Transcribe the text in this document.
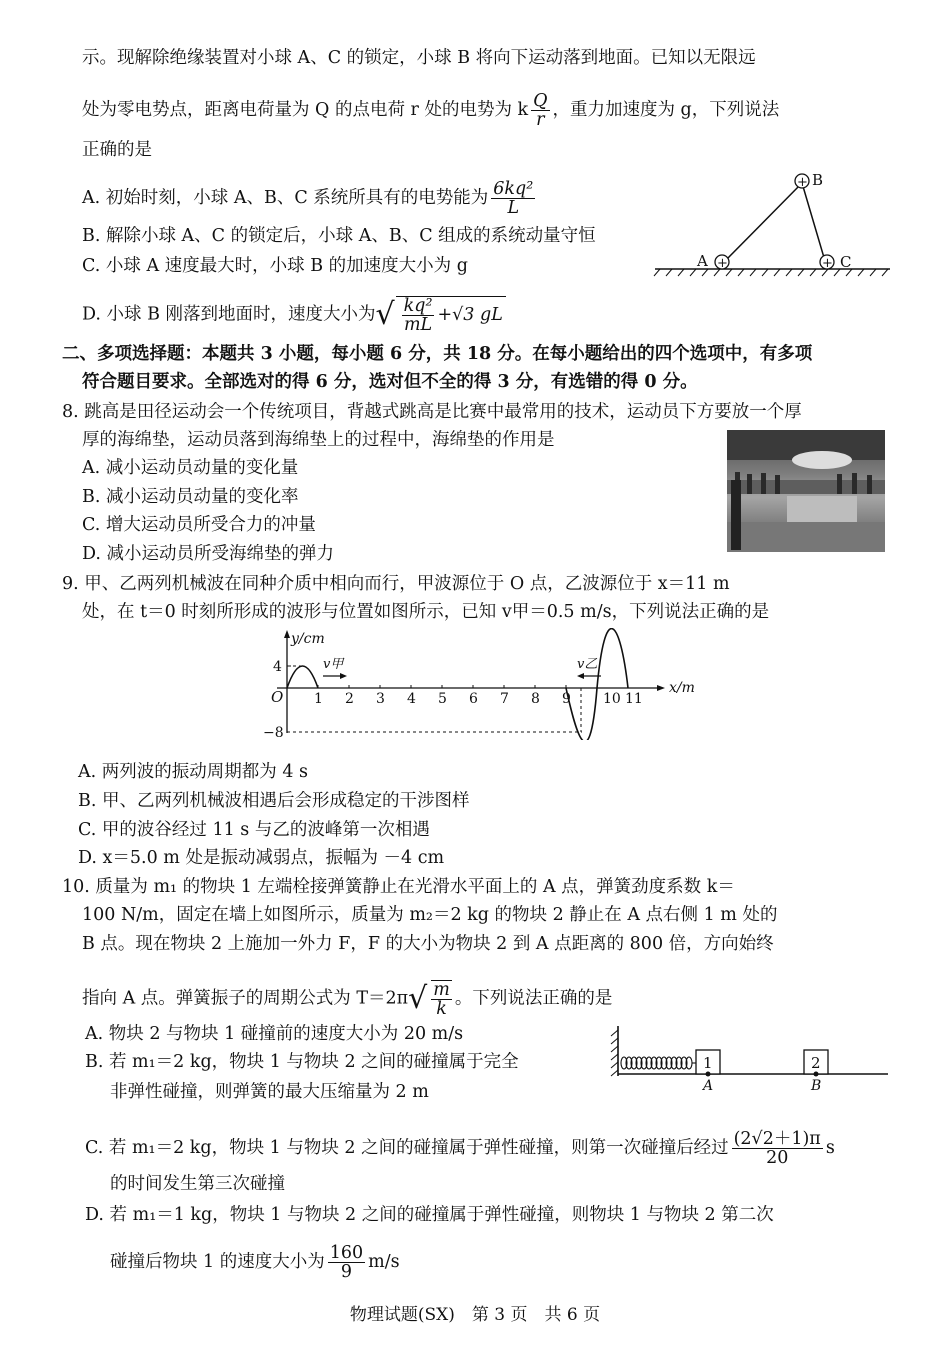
示。现解除绝缘装置对小球 A、C 的锁定，小球 B 将向下运动落到地面。已知以无限远
处为零电势点，距离电荷量为 Q 的点电荷 r 处的电势为 k $\frac{Q}{r}$ ，重力加速度为 g，下列说法
正确的是
A. 初始时刻，小球 A、B、C 系统所具有的电势能为 $\frac{\text{6kq²}}{L}$
B. 解除小球 A、C 的锁定后，小球 A、B、C 组成的系统动量守恒
C. 小球 A 速度最大时，小球 B 的加速度大小为 g
D. 小球 B 刚落到地面时，速度大小为√ $\frac{\text{kq²}}{mL} +√3$ gL
+
+	+
B
A	C
二、多项选择题：本题共 3 小题，每小题 6 分，共 18 分。在每小题给出的四个选项中，有多项
符合题目要求。全部选对的得 6 分，选对但不全的得 3 分，有选错的得 0 分。
8. 跳高是田径运动会一个传统项目，背越式跳高是比赛中最常用的技术，运动员下方要放一个厚
厚的海绵垫，运动员落到海绵垫上的过程中，海绵垫的作用是
A. 减小运动员动量的变化量
B. 减小运动员动量的变化率
C. 增大运动员所受合力的冲量
D. 减小运动员所受海绵垫的弹力
9. 甲、乙两列机械波在同种介质中相向而行，甲波源位于 O 点，乙波源位于 x＝11 m
处，在 t＝0 时刻所形成的波形与位置如图所示，已知 v甲＝0.5 m/s，下列说法正确的是
y/cm
x/m
O
4
−8
1 2 3 4 5 6 7 8 9 10 11
v甲	v乙
A. 两列波的振动周期都为 4 s
B. 甲、乙两列机械波相遇后会形成稳定的干涉图样
C. 甲的波谷经过 11 s 与乙的波峰第一次相遇
D. x＝5.0 m 处是振动减弱点，振幅为 －4 cm
10. 质量为 m₁ 的物块 1 左端栓接弹簧静止在光滑水平面上的 A 点，弹簧劲度系数 k＝
100 N/m，固定在墙上如图所示，质量为 m₂＝2 kg 的物块 2 静止在 A 点右侧 1 m 处的
B 点。现在物块 2 上施加一外力 F，F 的大小为物块 2 到 A 点距离的 800 倍，方向始终
指向 A 点。弹簧振子的周期公式为 $T=2\pi√ \frac{m}{k}$ 。下列说法正确的是
A. 物块 2 与物块 1 碰撞前的速度大小为 20 m/s
B. 若 m₁＝2 kg，物块 1 与物块 2 之间的碰撞属于完全
非弹性碰撞，则弹簧的最大压缩量为 2 m
C. 若 m₁＝2 kg，物块 1 与物块 2 之间的碰撞属于弹性碰撞，则第一次碰撞后经过 $\frac{(2√2+1)\pi}{20}$ s
的时间发生第三次碰撞
D. 若 m₁＝1 kg，物块 1 与物块 2 之间的碰撞属于弹性碰撞，则物块 1 与物块 2 第二次
碰撞后物块 1 的速度大小为 $\frac{160}{9} m/s$
1	2
A	B
物理试题(SX)　第 3 页　共 6 页
